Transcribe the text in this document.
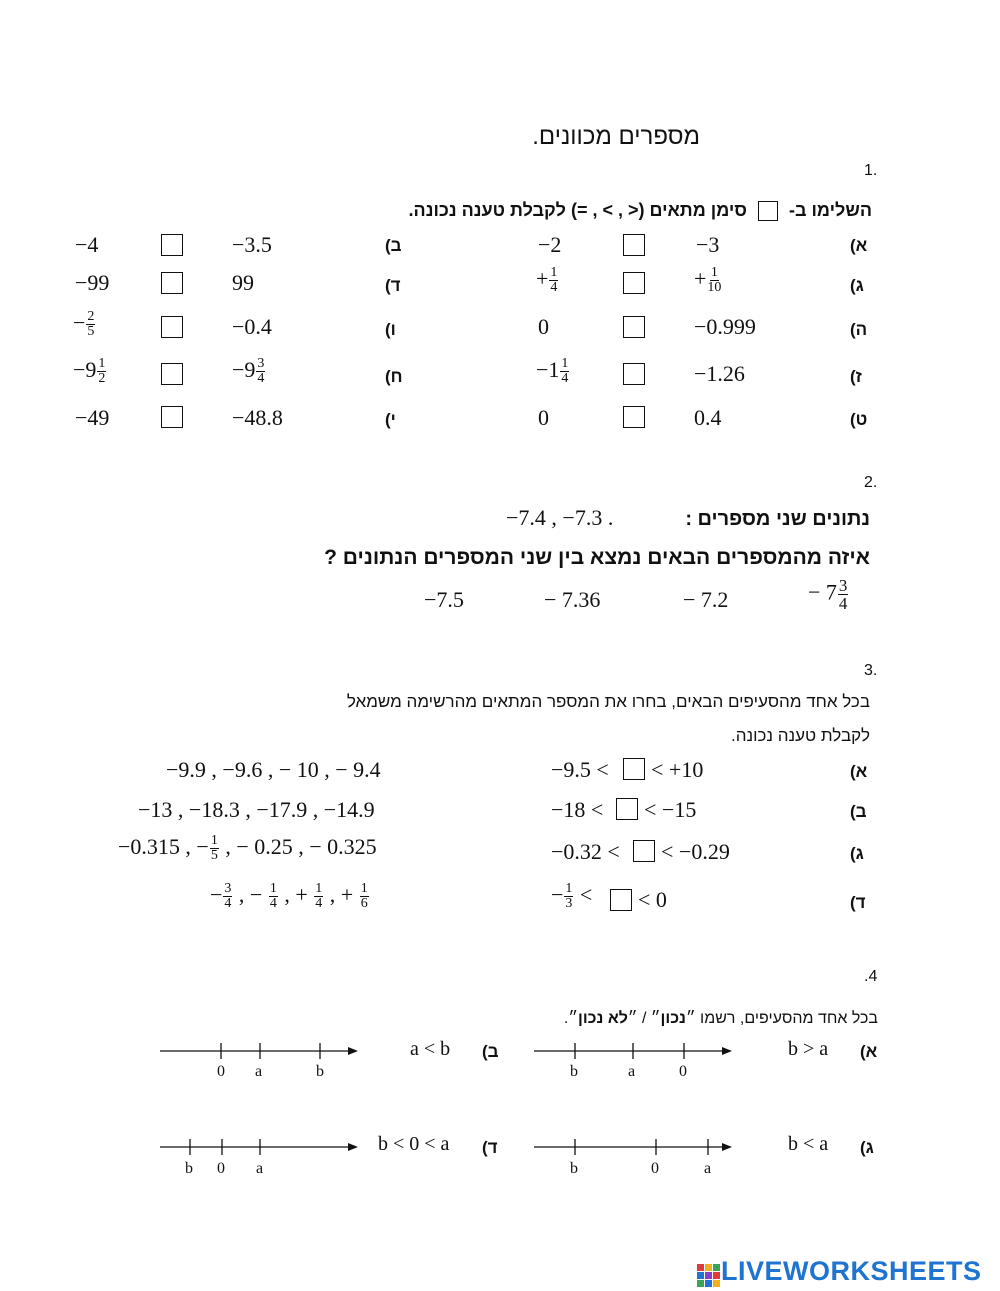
מספרים מכוונים.
1.
השלימו ב-  סימן מתאים (< , > , =) לקבלת טענה נכונה.
(א
−3
−2
(ב
−3.5
−4
(ג
+ $\frac{1}{10}$
+ $\frac{1}{4}$
(ד
99
−99
(ה
−0.999
0
(ו
−0.4
− $\frac{2}{5}$
(ז
−1.26
$-1 \frac{1}{4}$
(ח
$-9 \frac{3}{4}$
$-9 \frac{1}{2}$
(ט
0.4
0
(י
−48.8
−49
2.
נתונים שני מספרים :
−7.4 , −7.3 .
איזה מהמספרים הבאים נמצא בין שני המספרים הנתונים ?
−7.5	− 7.36	− 7.2	− $7 \frac{3}{4}$
3.
בכל אחד מהסעיפים הבאים, בחרו את המספר המתאים מהרשימה משמאל
לקבלת טענה נכונה.
(א
−9.5 < < +10
−9.9 , −9.6 , − 10 , − 9.4
(ב
−18 < < −15
−13 , −18.3 , −17.9 , −14.9
(ג
−0.32 < < −0.29
−0.315 , − $\frac{1}{5}$ , − 0.25 , − 0.325
(ד
− $\frac{1}{3}$ < < 0
− $\frac{3}{4}$ , − $\frac{1}{4}$ , + $\frac{1}{4}$ , + $\frac{1}{6}$
.4
בכל אחד מהסעיפים, רשמו ״נכון״ / ״לא נכון״.
(א
b > a
b	a	0
(ב
a < b
0 a	b
(ג
b < a
b	0	a
(ד
b < 0 < a
b 0 a
LIVEWORKSHEETS
